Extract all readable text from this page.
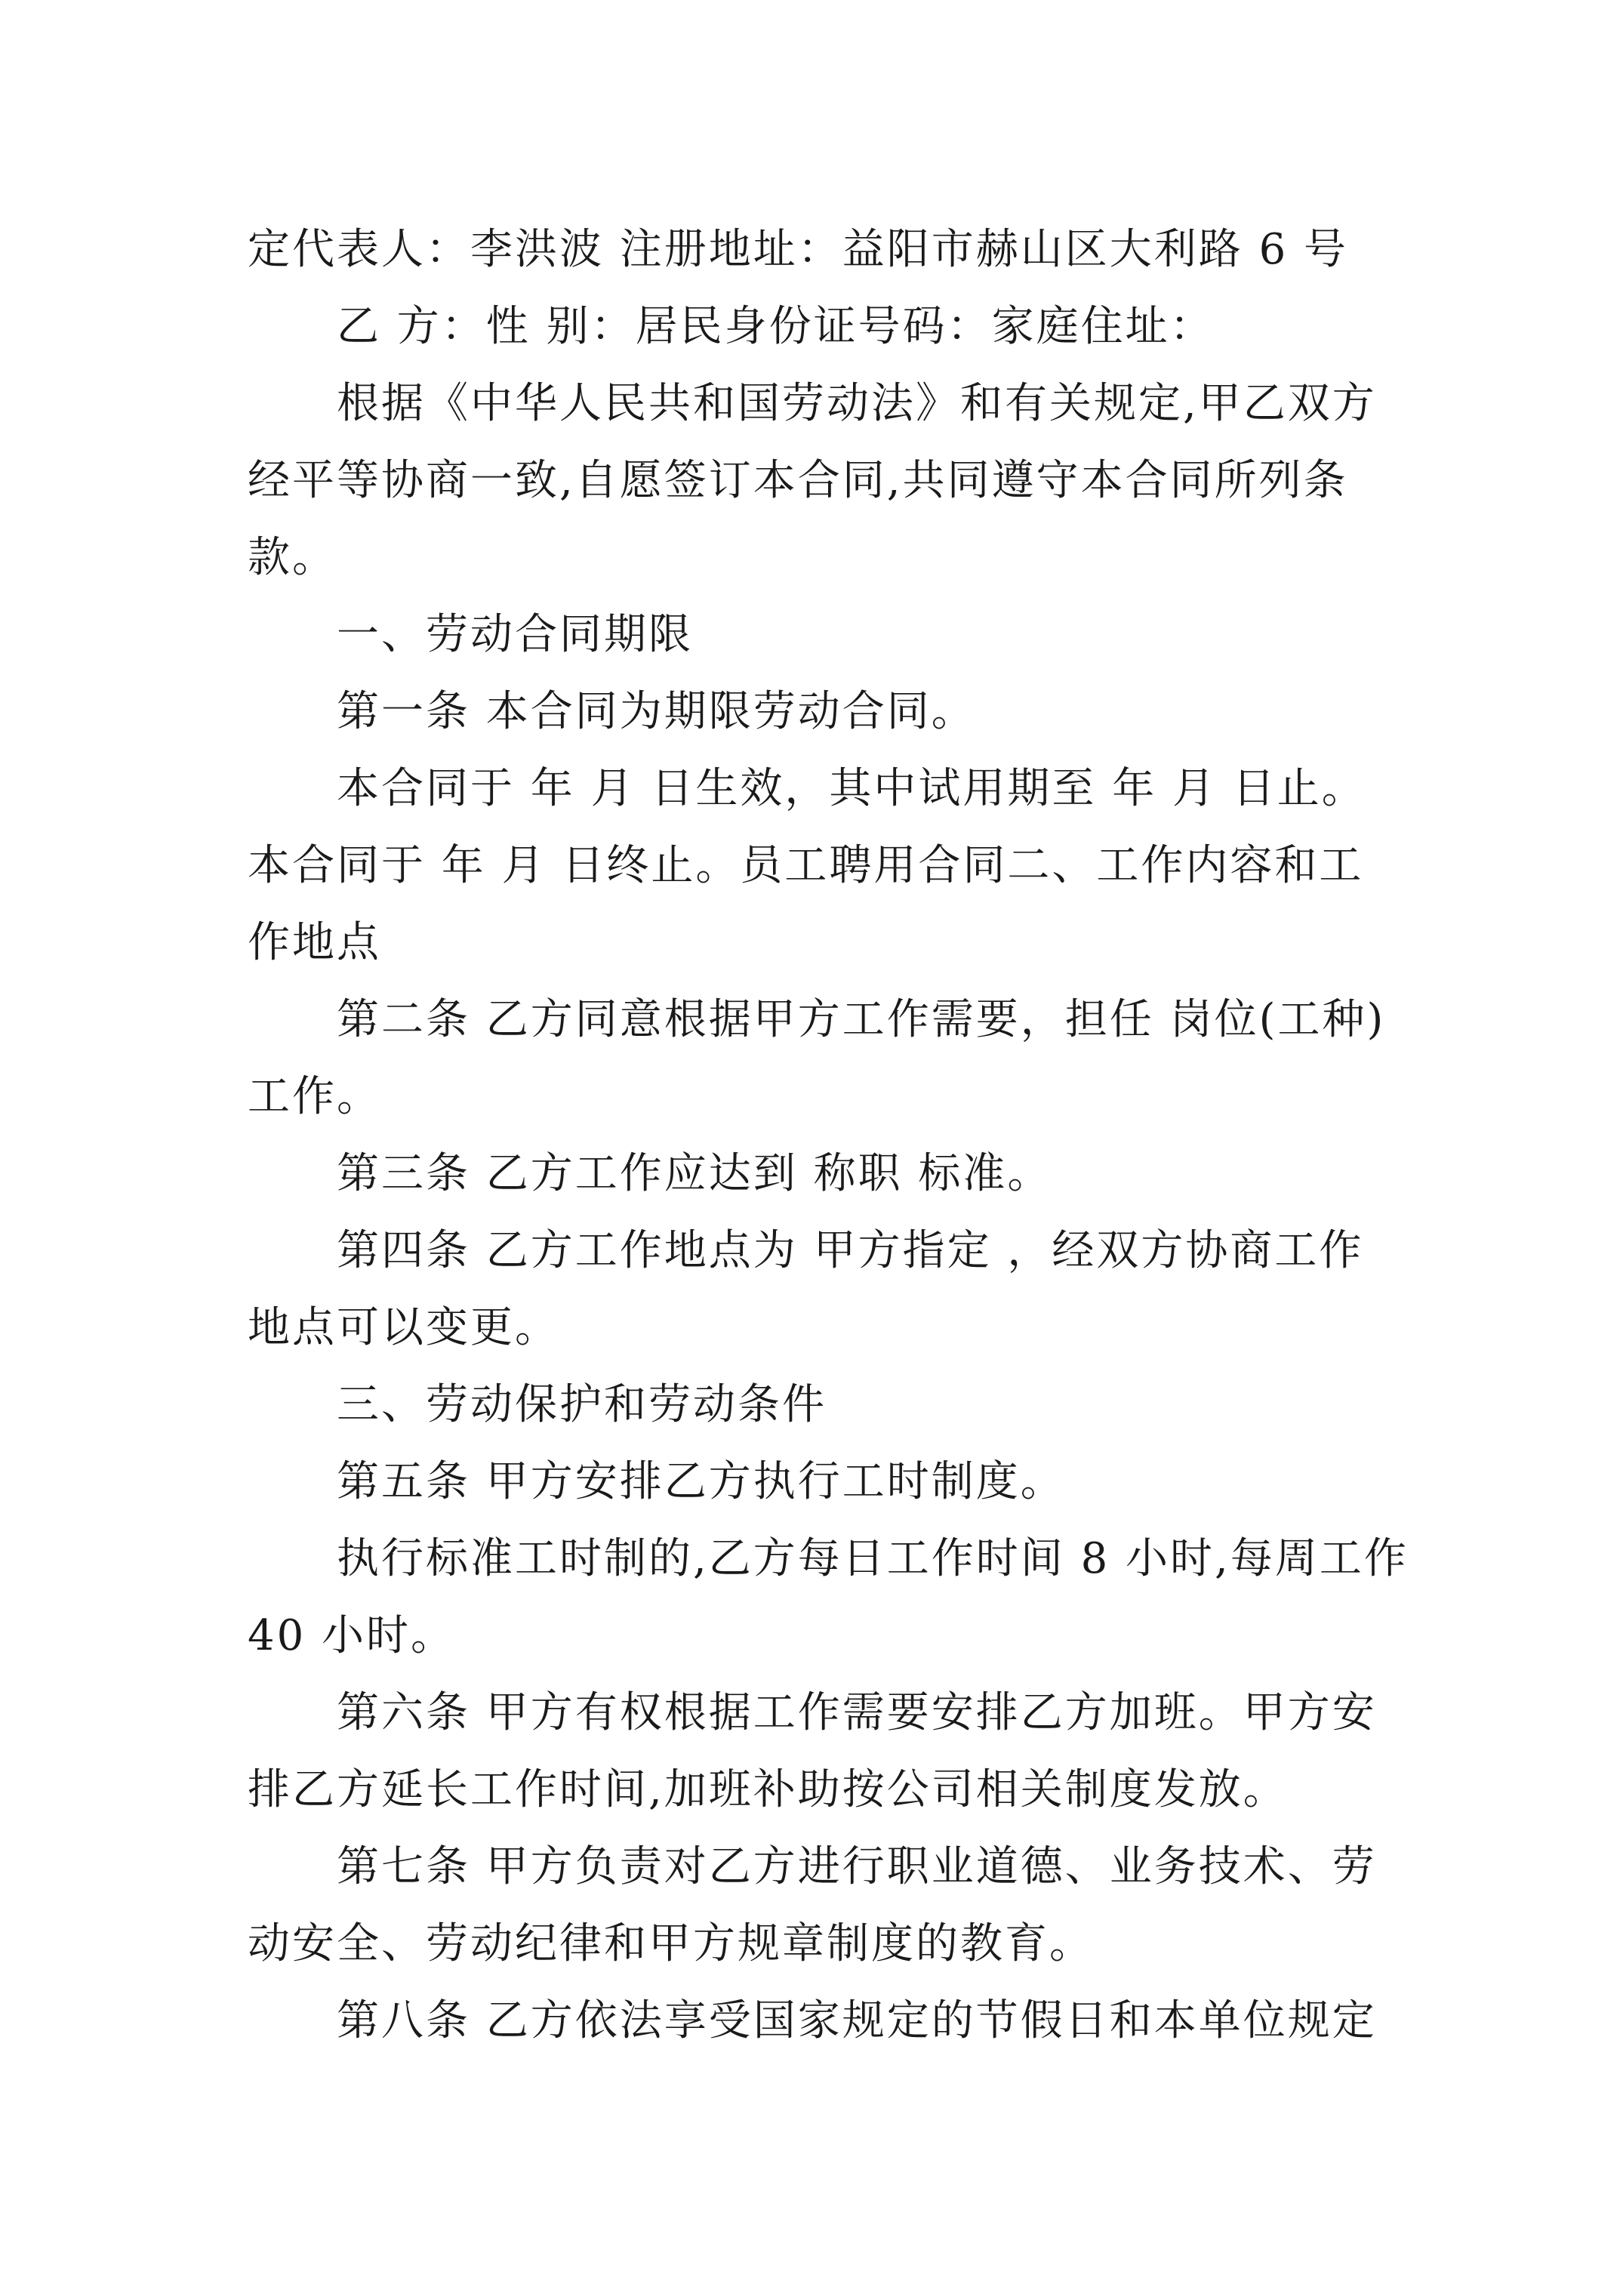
定代表人：李洪波 注册地址：益阳市赫山区大利路 6 号
乙 方：性 别：居民身份证号码：家庭住址：
根据《中华人民共和国劳动法》和有关规定,甲乙双方
经平等协商一致,自愿签订本合同,共同遵守本合同所列条
款。
一、劳动合同期限
第一条 本合同为期限劳动合同。
本合同于 年 月 日生效，其中试用期至 年 月 日止。
本合同于 年 月 日终止。员工聘用合同二、工作内容和工
作地点
第二条 乙方同意根据甲方工作需要，担任 岗位(工种)
工作。
第三条 乙方工作应达到 称职 标准。
第四条 乙方工作地点为 甲方指定 ，经双方协商工作
地点可以变更。
三、劳动保护和劳动条件
第五条 甲方安排乙方执行工时制度。
执行标准工时制的,乙方每日工作时间 8 小时,每周工作
40 小时。
第六条 甲方有权根据工作需要安排乙方加班。甲方安
排乙方延长工作时间,加班补助按公司相关制度发放。
第七条 甲方负责对乙方进行职业道德、业务技术、劳
动安全、劳动纪律和甲方规章制度的教育。
第八条 乙方依法享受国家规定的节假日和本单位规定
